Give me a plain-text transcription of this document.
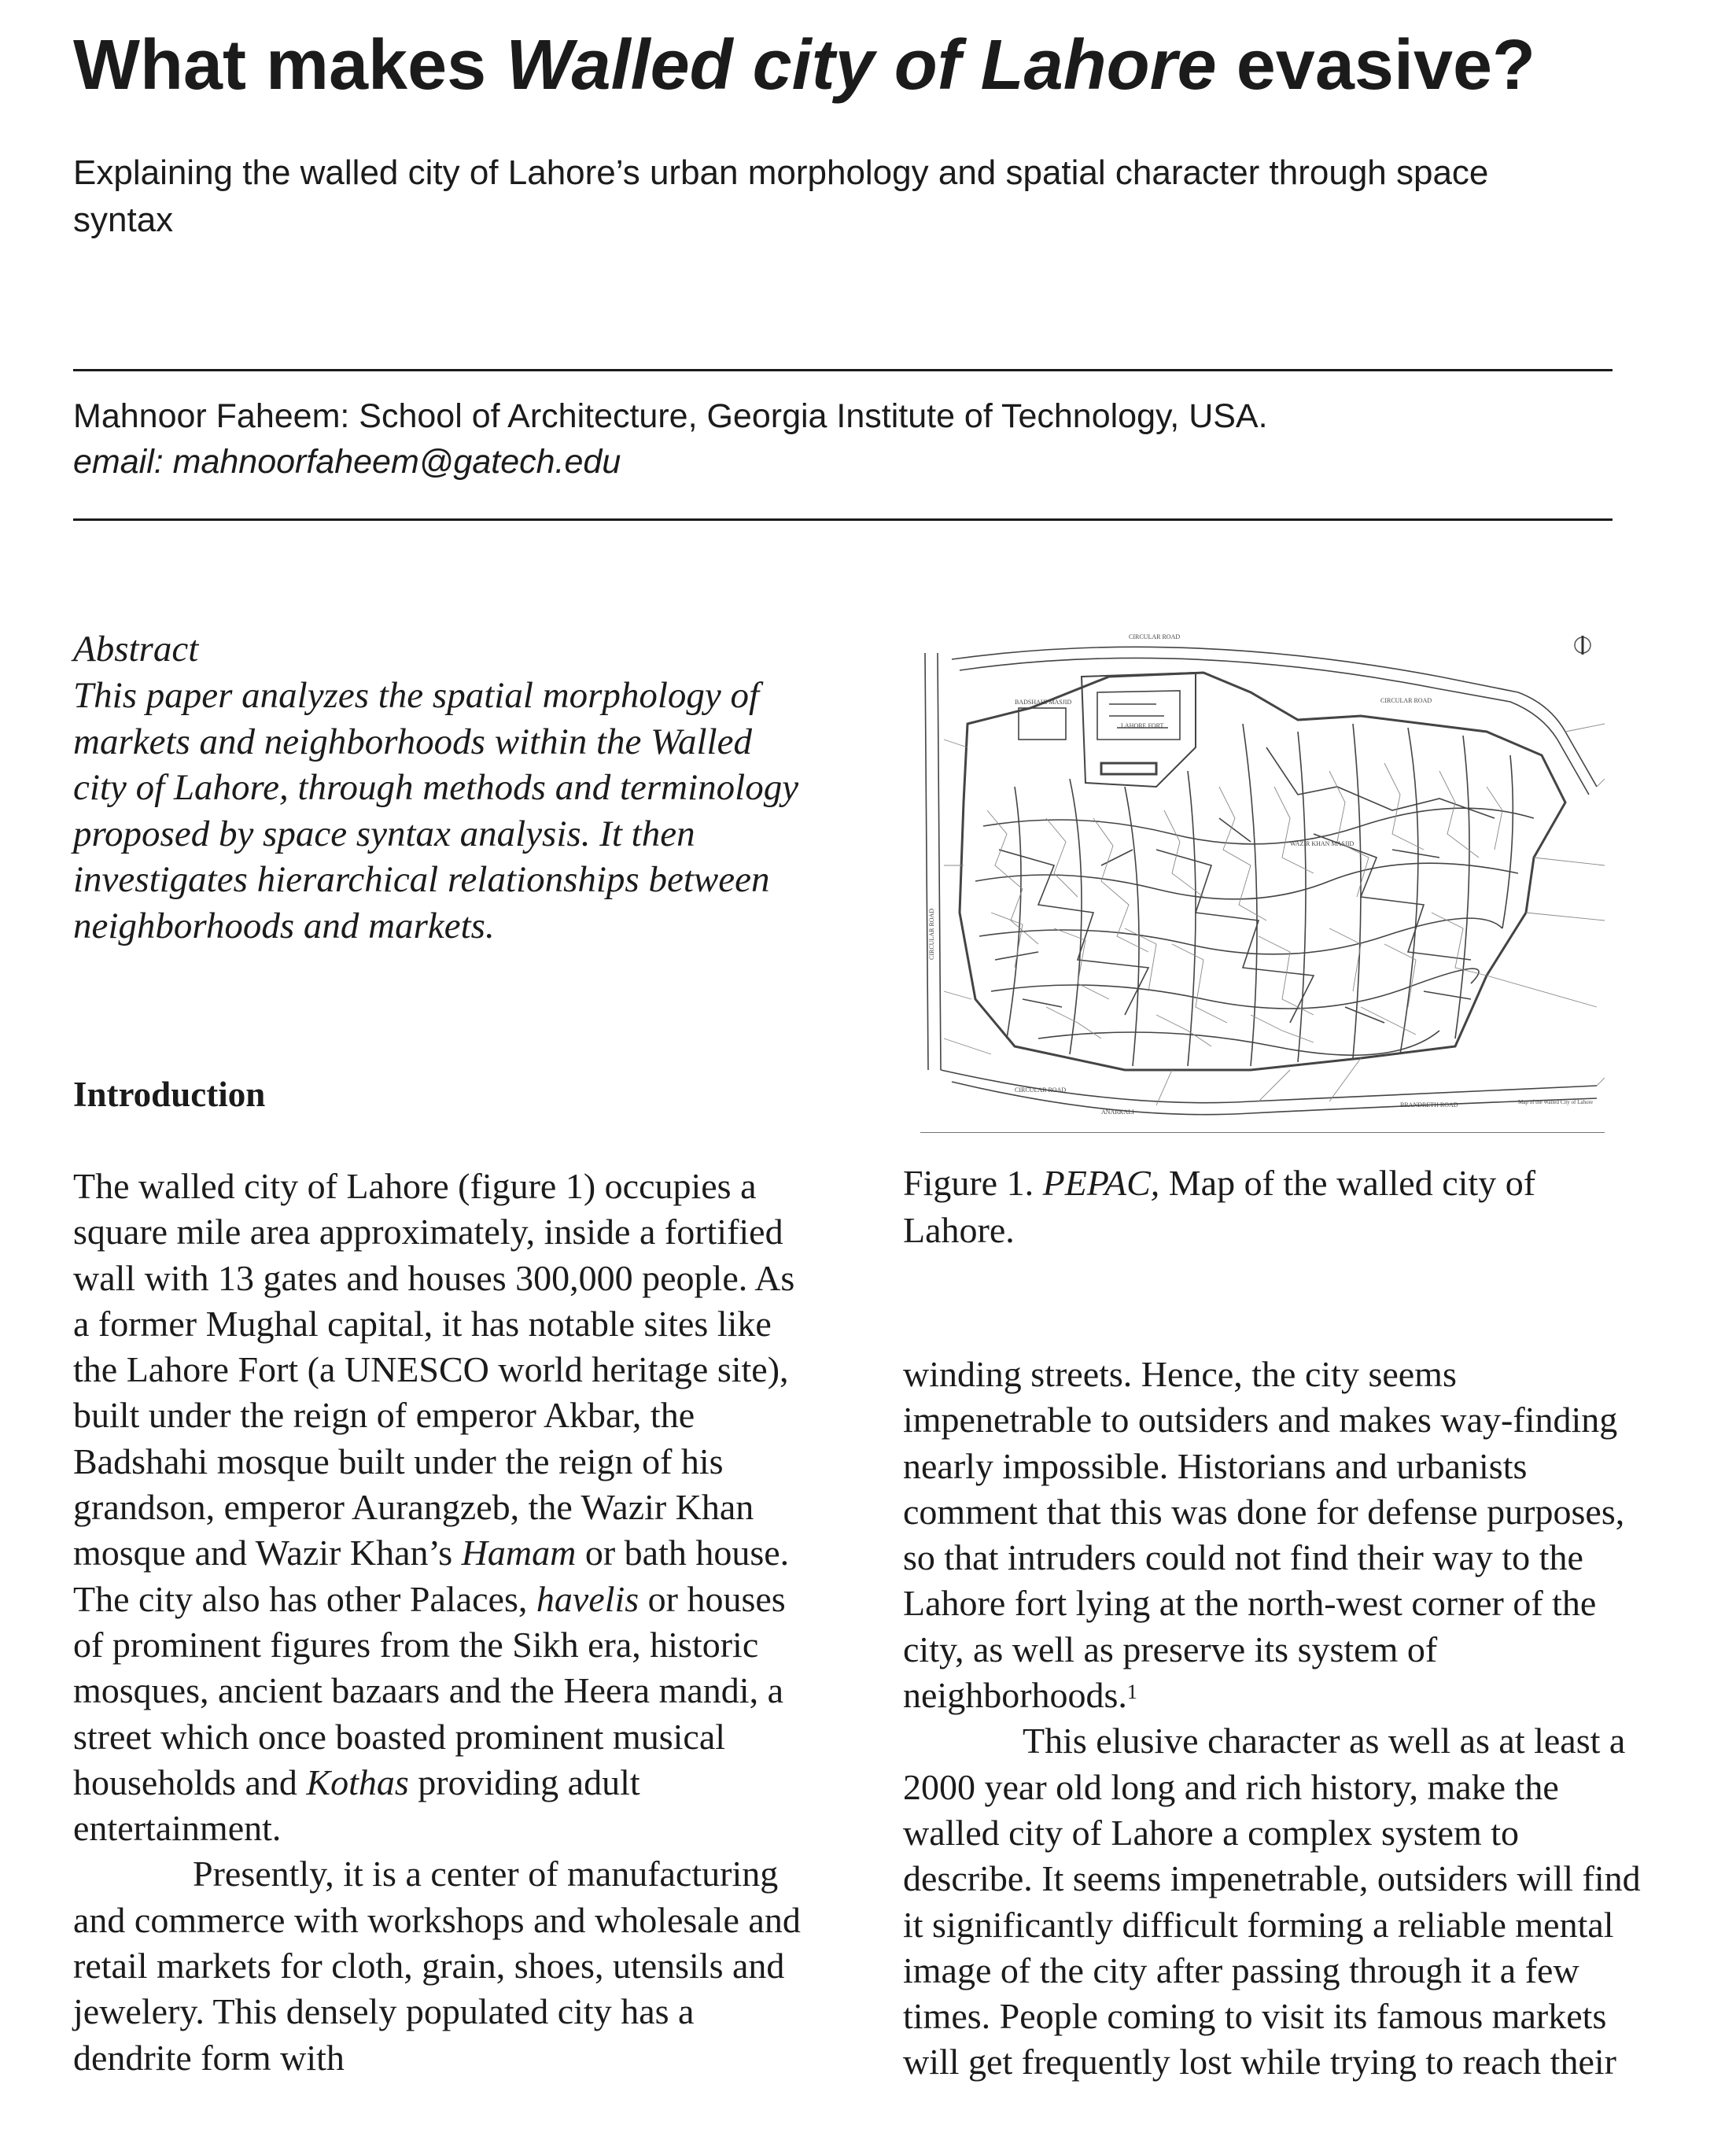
What makes Walled city of Lahore evasive?
Explaining the walled city of Lahore’s urban morphology and spatial character through space syntax
Mahnoor Faheem: School of Architecture, Georgia Institute of Technology, USA.
email: mahnoorfaheem@gatech.edu
Abstract
This paper analyzes the spatial morphology of markets and neighborhoods within the Walled city of Lahore, through methods and terminology proposed by space syntax analysis. It then investigates hierarchical relationships between neighborhoods and markets.
Introduction

The walled city of Lahore (figure 1) occupies a square mile area approximately, inside a fortified wall with 13 gates and houses 300,000 people. As a former Mughal capital, it has notable sites like the Lahore Fort (a UNESCO world heritage site), built under the reign of emperor Akbar, the Badshahi mosque built under the reign of his grandson, emperor Aurangzeb, the Wazir Khan mosque and Wazir Khan’s Hamam or bath house. The city also has other Palaces, havelis or houses of prominent figures from the Sikh era, historic mosques, ancient bazaars and the Heera mandi, a street which once boasted prominent musical households and Kothas providing adult entertainment.

Presently, it is a center of manufacturing and commerce with workshops and wholesale and retail markets for cloth, grain, shoes, utensils and jewelery. This densely populated city has a dendrite form with

CIRCULAR ROAD
CIRCULAR ROAD
LAHORE FORT
BADSHAHI MASJID
WAZIR KHAN MASJID
CIRCULAR ROAD
ANARKALI
BRANDRETH ROAD	Map of the Walled City of Lahore
CIRCULAR ROAD
Figure 1. PEPAC, Map of the walled city of Lahore.

winding streets. Hence, the city seems impenetrable to outsiders and makes way-finding nearly impossible. Historians and urbanists comment that this was done for defense purposes, so that intruders could not find their way to the Lahore fort lying at the north-west corner of the city, as well as preserve its system of neighborhoods.$^1$

This elusive character as well as at least a 2000 year old long and rich history, make the walled city of Lahore a complex system to describe. It seems impenetrable, outsiders will find it significantly difficult forming a reliable mental image of the city after passing through it a few times. People coming to visit its famous markets will get frequently lost while trying to reach their
